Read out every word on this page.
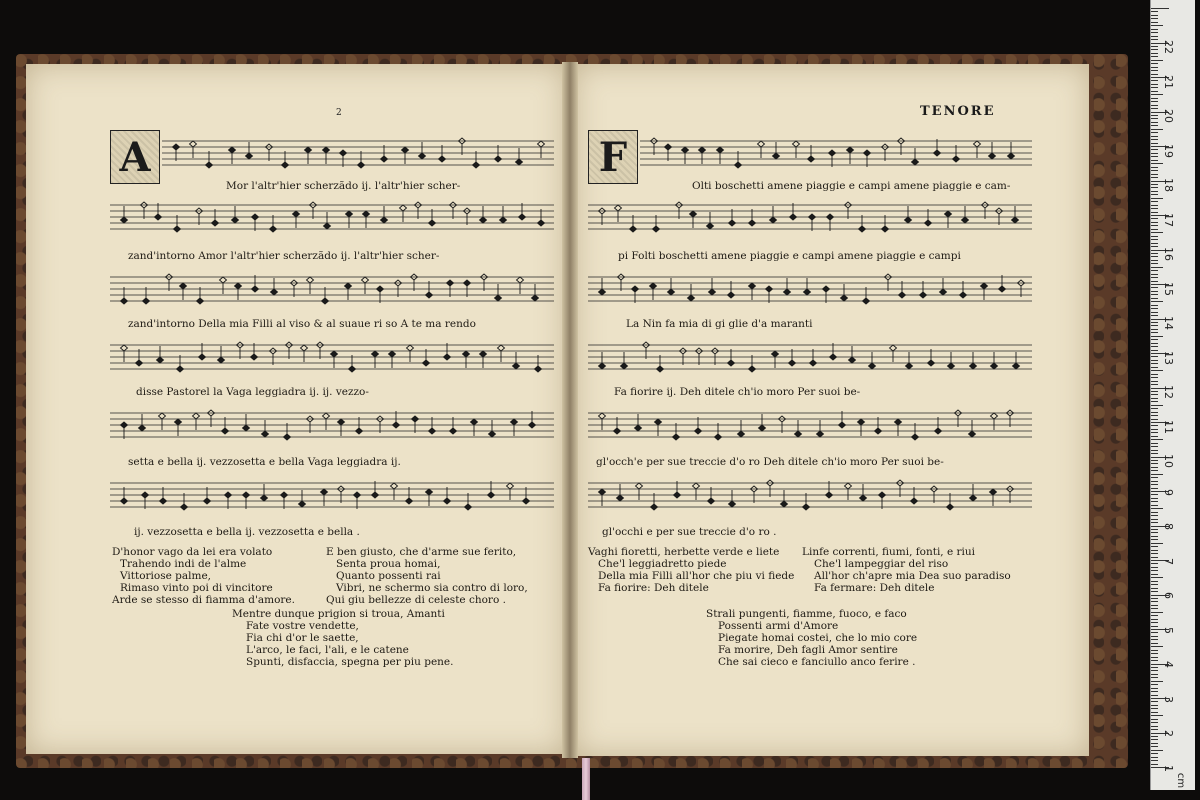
2	TENORE
A	F
Mor l'altr'hier scherzãdo ij. l'altr'hier scher-
zand'intorno Amor l'altr'hier scherzãdo ij. l'altr'hier scher-
zand'intorno Della mia Filli al viso & al suaue ri so A te ma rendo
disse Pastorel la Vaga leggiadra ij. ij. vezzo-
setta e bella ij. vezzosetta e bella Vaga leggiadra ij.
ij. vezzosetta e bella ij. vezzosetta e bella .
D'honor vago da lei era volato
Trahendo indi de l'alme
Vittoriose palme,
Rimaso vinto poi di vincitore
Arde se stesso di fiamma d'amore.
E ben giusto, che d'arme sue ferito,
Senta proua homai,
Quanto possenti rai
Vibri, ne schermo sia contro di loro,
Qui giu bellezze di celeste choro .
Mentre dunque prigion si troua, Amanti
Fate vostre vendette,
Fia chi d'or le saette,
L'arco, le faci, l'ali, e le catene
Spunti, disfaccia, spegna per piu pene.
Olti boschetti amene piaggie e campi amene piaggie e cam-
pi Folti boschetti amene piaggie e campi amene piaggie e campi
La Nin fa mia di gi glie d'a maranti
Fa fiorire ij. Deh ditele ch'io moro Per suoi be-
gl'occh'e per sue treccie d'o ro Deh ditele ch'io moro Per suoi be-
gl'occhi e per sue treccie d'o ro .
Vaghi fioretti, herbette verde e liete
Che'l leggiadretto piede
Della mia Filli all'hor che piu vi fiede
Fa fiorire: Deh ditele
Linfe correnti, fiumi, fonti, e riui
Che'l lampeggiar del riso
All'hor ch'apre mia Dea suo paradiso
Fa fermare: Deh ditele
Strali pungenti, fiamme, fuoco, e faco
Possenti armi d'Amore
Piegate homai costei, che lo mio core
Fa morire, Deh fagli Amor sentire
Che sai cieco e fanciullo anco ferire .
cm
22
21
20
19
18
17
16
15
14
13
12
11
10
9
8
7
6
5
4
3
2
1
